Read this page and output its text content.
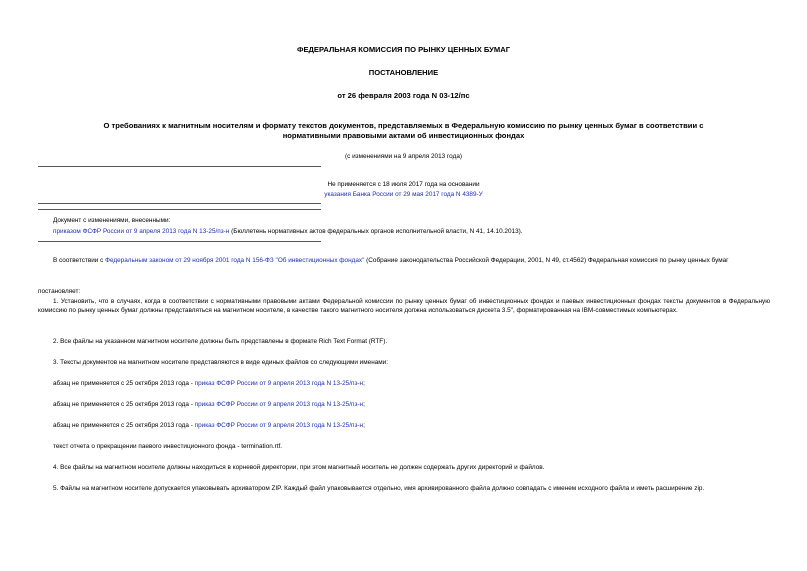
ФЕДЕРАЛЬНАЯ КОМИССИЯ ПО РЫНКУ ЦЕННЫХ БУМАГ
ПОСТАНОВЛЕНИЕ
от 26 февраля 2003 года N 03-12/пс
О требованиях к магнитным носителям и формату текстов документов, представляемых в Федеральную комиссию по рынку ценных бумаг в соответствии с
нормативными правовыми актами об инвестиционных фондах
(с изменениями на 9 апреля 2013 года)
Не применяется с 18 июля 2017 года на основании
указания Банка России от 29 мая 2017 года N 4389-У
Документ с изменениями, внесенными:
приказом ФСФР России от 9 апреля 2013 года N 13-25/пз-н (Бюллетень нормативных актов федеральных органов исполнительной власти, N 41, 14.10.2013).
В соответствии с Федеральным законом от 29 ноября 2001 года N 156-ФЗ "Об инвестиционных фондах" (Собрание законодательства Российской Федерации, 2001, N 49, ст.4562) Федеральная комиссия по рынку ценных бумаг
постановляет:
1. Установить, что в случаях, когда в соответствии с нормативными правовыми актами Федеральной комиссии по рынку ценных бумаг об инвестиционных фондах и паевых инвестиционных фондах тексты документов в Федеральную комиссию по рынку ценных бумаг должны представляться на магнитном носителе, в качестве такого магнитного носителя должна использоваться дискета 3.5", форматированная на IBM-совместимых компьютерах.
2. Все файлы на указанном магнитном носителе должны быть представлены в формате Rich Text Format (RTF).
3. Тексты документов на магнитном носителе представляются в виде единых файлов со следующими именами:
абзац не применяется с 25 октября 2013 года - приказ ФСФР России от 9 апреля 2013 года N 13-25/пз-н;
абзац не применяется с 25 октября 2013 года - приказ ФСФР России от 9 апреля 2013 года N 13-25/пз-н;
абзац не применяется с 25 октября 2013 года - приказ ФСФР России от 9 апреля 2013 года N 13-25/пз-н;
текст отчета о прекращении паевого инвестиционного фонда - termination.rtf.
4. Все файлы на магнитном носителе должны находиться в корневой директории, при этом магнитный носитель не должен содержать других директорий и файлов.
5. Файлы на магнитном носителе допускается упаковывать архиватором ZIP. Каждый файл упаковывается отдельно, имя архивированного файла должно совпадать с именем исходного файла и иметь расширение zip.
